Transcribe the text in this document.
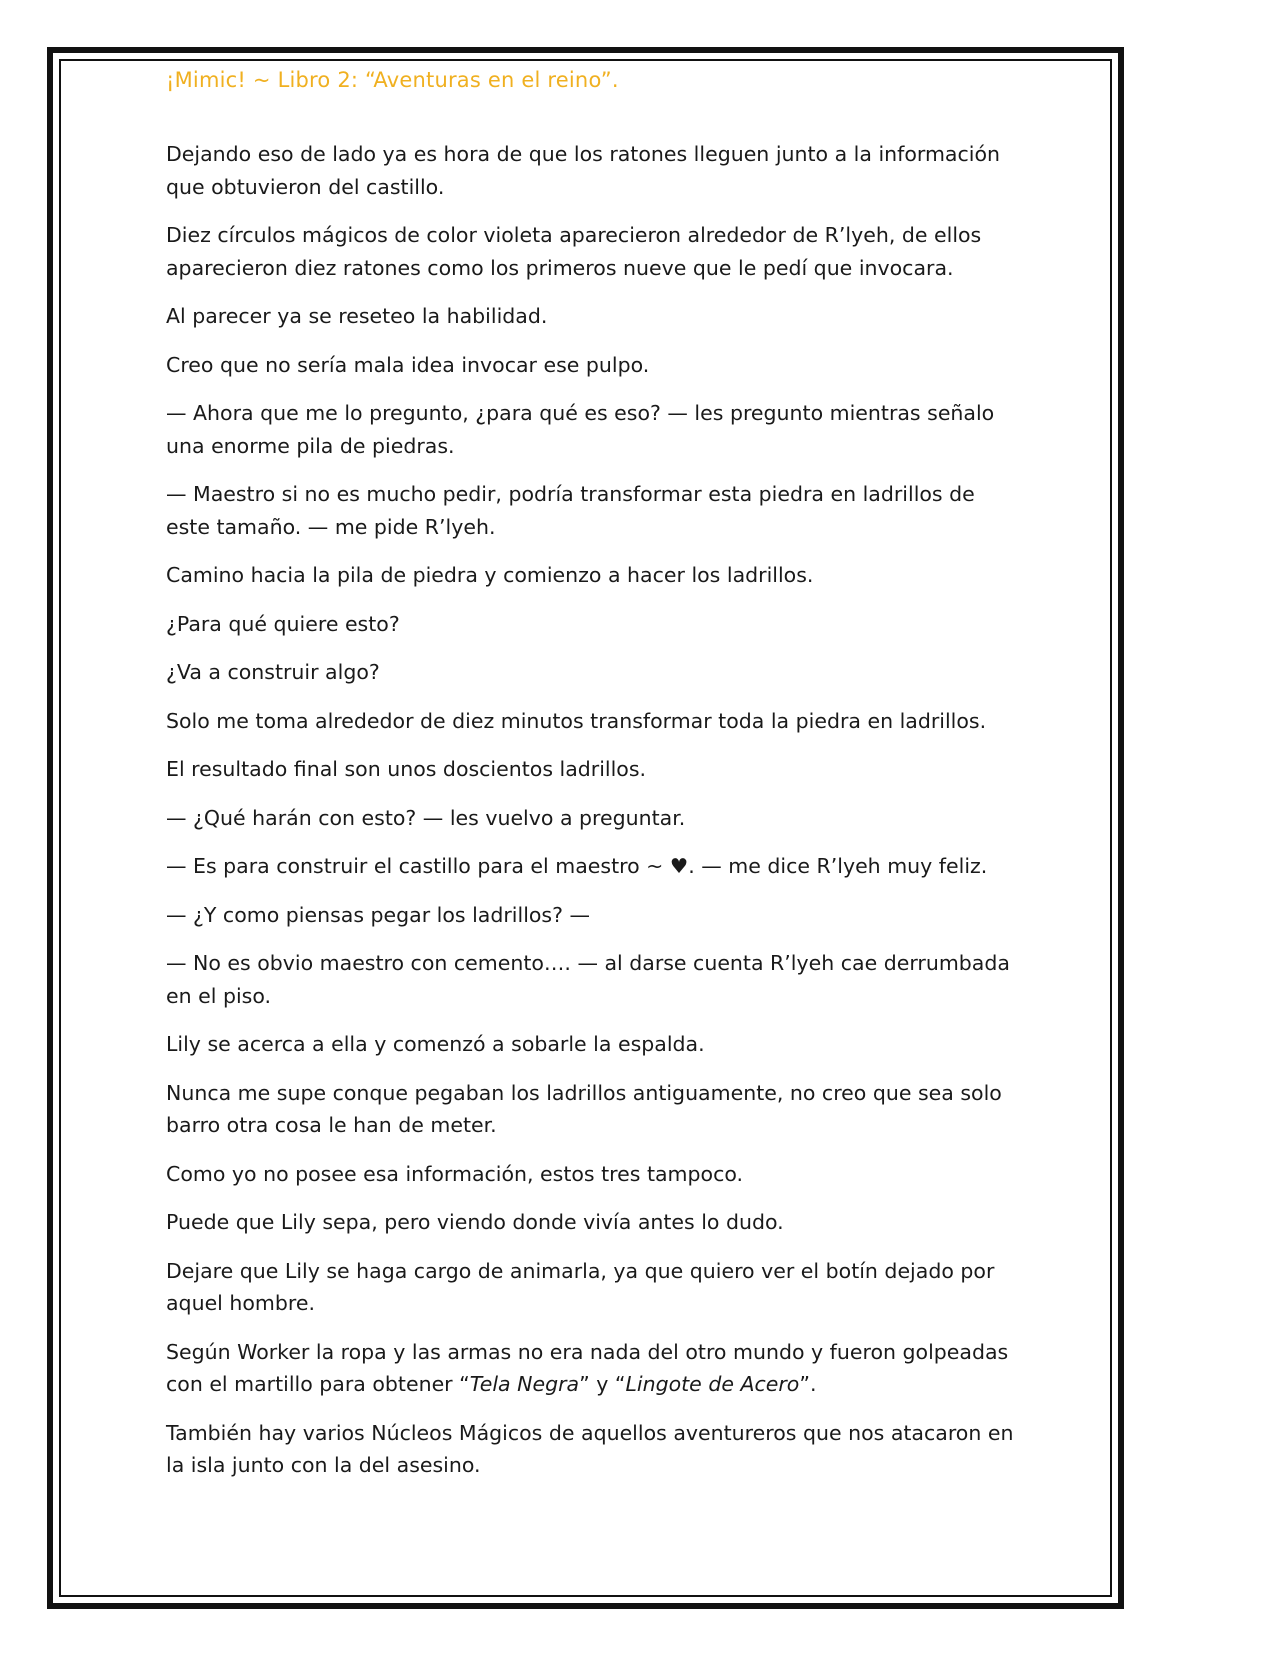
¡Mimic! ~ Libro 2: “Aventuras en el reino”.

Dejando eso de lado ya es hora de que los ratones lleguen junto a la información que obtuvieron del castillo.

Diez círculos mágicos de color violeta aparecieron alrededor de R’lyeh, de ellos aparecieron diez ratones como los primeros nueve que le pedí que invocara.

Al parecer ya se reseteo la habilidad.

Creo que no sería mala idea invocar ese pulpo.

— Ahora que me lo pregunto, ¿para qué es eso? — les pregunto mientras señalo una enorme pila de piedras.

— Maestro si no es mucho pedir, podría transformar esta piedra en ladrillos de este tamaño. — me pide R’lyeh.

Camino hacia la pila de piedra y comienzo a hacer los ladrillos.

¿Para qué quiere esto?

¿Va a construir algo?

Solo me toma alrededor de diez minutos transformar toda la piedra en ladrillos.

El resultado final son unos doscientos ladrillos.

— ¿Qué harán con esto? — les vuelvo a preguntar.

— Es para construir el castillo para el maestro ~ ♥. — me dice R’lyeh muy feliz.

— ¿Y como piensas pegar los ladrillos? —

— No es obvio maestro con cemento…. — al darse cuenta R’lyeh cae derrumbada en el piso.

Lily se acerca a ella y comenzó a sobarle la espalda.

Nunca me supe conque pegaban los ladrillos antiguamente, no creo que sea solo barro otra cosa le han de meter.

Como yo no posee esa información, estos tres tampoco.

Puede que Lily sepa, pero viendo donde vivía antes lo dudo.

Dejare que Lily se haga cargo de animarla, ya que quiero ver el botín dejado por aquel hombre.

Según Worker la ropa y las armas no era nada del otro mundo y fueron golpeadas con el martillo para obtener “Tela Negra” y “Lingote de Acero”.

También hay varios Núcleos Mágicos de aquellos aventureros que nos atacaron en la isla junto con la del asesino.
